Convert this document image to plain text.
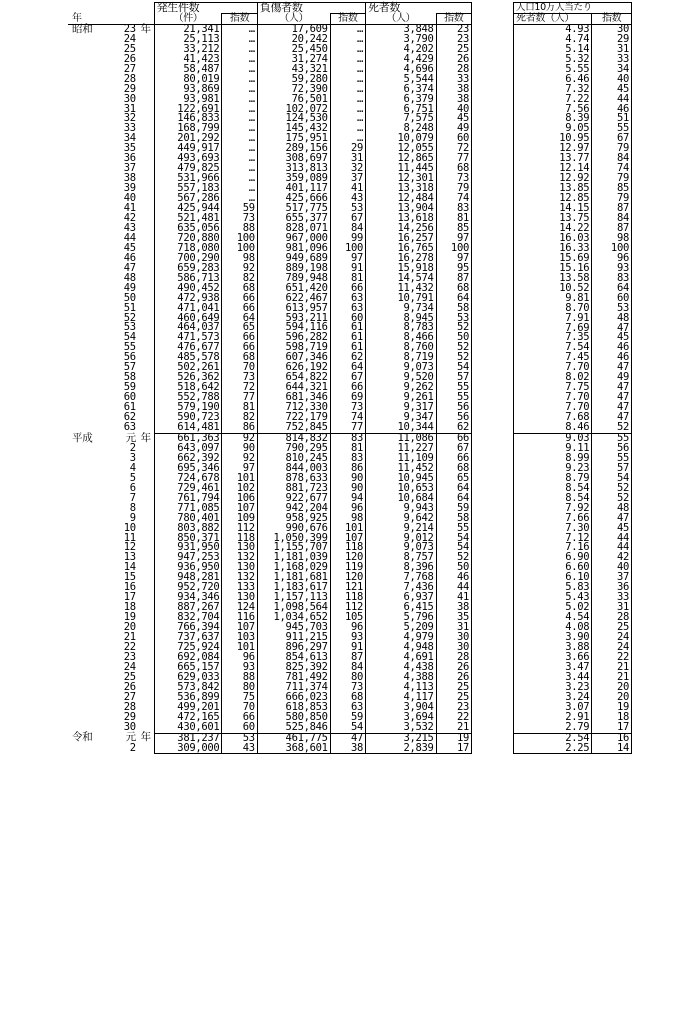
			発生件数		負傷者数		死者数	
年			（件）	指数	（人）	指数	（人）	指数
昭和	23	年	21,341	…	17,609	…	3,848	23
	24		25,113	…	20,242	…	3,790	23
	25		33,212	…	25,450	…	4,202	25
	26		41,423	…	31,274	…	4,429	26
	27		58,487	…	43,321	…	4,696	28
	28		80,019	…	59,280	…	5,544	33
	29		93,869	…	72,390	…	6,374	38
	30		93,981	…	76,501	…	6,379	38
	31		122,691	…	102,072	…	6,751	40
	32		146,833	…	124,530	…	7,575	45
	33		168,799	…	145,432	…	8,248	49
	34		201,292	…	175,951	…	10,079	60
	35		449,917	…	289,156	29	12,055	72
	36		493,693	…	308,697	31	12,865	77
	37		479,825	…	313,813	32	11,445	68
	38		531,966	…	359,089	37	12,301	73
	39		557,183	…	401,117	41	13,318	79
	40		567,286	…	425,666	43	12,484	74
	41		425,944	59	517,775	53	13,904	83
	42		521,481	73	655,377	67	13,618	81
	43		635,056	88	828,071	84	14,256	85
	44		720,880	100	967,000	99	16,257	97
	45		718,080	100	981,096	100	16,765	100
	46		700,290	98	949,689	97	16,278	97
	47		659,283	92	889,198	91	15,918	95
	48		586,713	82	789,948	81	14,574	87
	49		490,452	68	651,420	66	11,432	68
	50		472,938	66	622,467	63	10,791	64
	51		471,041	66	613,957	63	9,734	58
	52		460,649	64	593,211	60	8,945	53
	53		464,037	65	594,116	61	8,783	52
	54		471,573	66	596,282	61	8,466	50
	55		476,677	66	598,719	61	8,760	52
	56		485,578	68	607,346	62	8,719	52
	57		502,261	70	626,192	64	9,073	54
	58		526,362	73	654,822	67	9,520	57
	59		518,642	72	644,321	66	9,262	55
	60		552,788	77	681,346	69	9,261	55
	61		579,190	81	712,330	73	9,317	56
	62		590,723	82	722,179	74	9,347	56
	63		614,481	86	752,845	77	10,344	62
平成	元	年	661,363	92	814,832	83	11,086	66
	2		643,097	90	790,295	81	11,227	67
	3		662,392	92	810,245	83	11,109	66
	4		695,346	97	844,003	86	11,452	68
	5		724,678	101	878,633	90	10,945	65
	6		729,461	102	881,723	90	10,653	64
	7		761,794	106	922,677	94	10,684	64
	8		771,085	107	942,204	96	9,943	59
	9		780,401	109	958,925	98	9,642	58
	10		803,882	112	990,676	101	9,214	55
	11		850,371	118	1,050,399	107	9,012	54
	12		931,950	130	1,155,707	118	9,073	54
	13		947,253	132	1,181,039	120	8,757	52
	14		936,950	130	1,168,029	119	8,396	50
	15		948,281	132	1,181,681	120	7,768	46
	16		952,720	133	1,183,617	121	7,436	44
	17		934,346	130	1,157,113	118	6,937	41
	18		887,267	124	1,098,564	112	6,415	38
	19		832,704	116	1,034,652	105	5,796	35
	20		766,394	107	945,703	96	5,209	31
	21		737,637	103	911,215	93	4,979	30
	22		725,924	101	896,297	91	4,948	30
	23		692,084	96	854,613	87	4,691	28
	24		665,157	93	825,392	84	4,438	26
	25		629,033	88	781,492	80	4,388	26
	26		573,842	80	711,374	73	4,113	25
	27		536,899	75	666,023	68	4,117	25
	28		499,201	70	618,853	63	3,904	23
	29		472,165	66	580,850	59	3,694	22
	30		430,601	60	525,846	54	3,532	21
令和	元	年	381,237	53	461,775	47	3,215	19
	2		309,000	43	368,601	38	2,839	17
人口10万人当たり	
死者数（人）	指数
4.93	30
4.74	29
5.14	31
5.32	33
5.55	34
6.46	40
7.32	45
7.22	44
7.56	46
8.39	51
9.05	55
10.95	67
12.97	79
13.77	84
12.14	74
12.92	79
13.85	85
12.85	79
14.15	87
13.75	84
14.22	87
16.03	98
16.33	100
15.69	96
15.16	93
13.58	83
10.52	64
9.81	60
8.70	53
7.91	48
7.69	47
7.35	45
7.54	46
7.45	46
7.70	47
8.02	49
7.75	47
7.70	47
7.70	47
7.68	47
8.46	52
9.03	55
9.11	56
8.99	55
9.23	57
8.79	54
8.54	52
8.54	52
7.92	48
7.66	47
7.30	45
7.12	44
7.16	44
6.90	42
6.60	40
6.10	37
5.83	36
5.43	33
5.02	31
4.54	28
4.08	25
3.90	24
3.88	24
3.66	22
3.47	21
3.44	21
3.23	20
3.24	20
3.07	19
2.91	18
2.79	17
2.54	16
2.25	14
